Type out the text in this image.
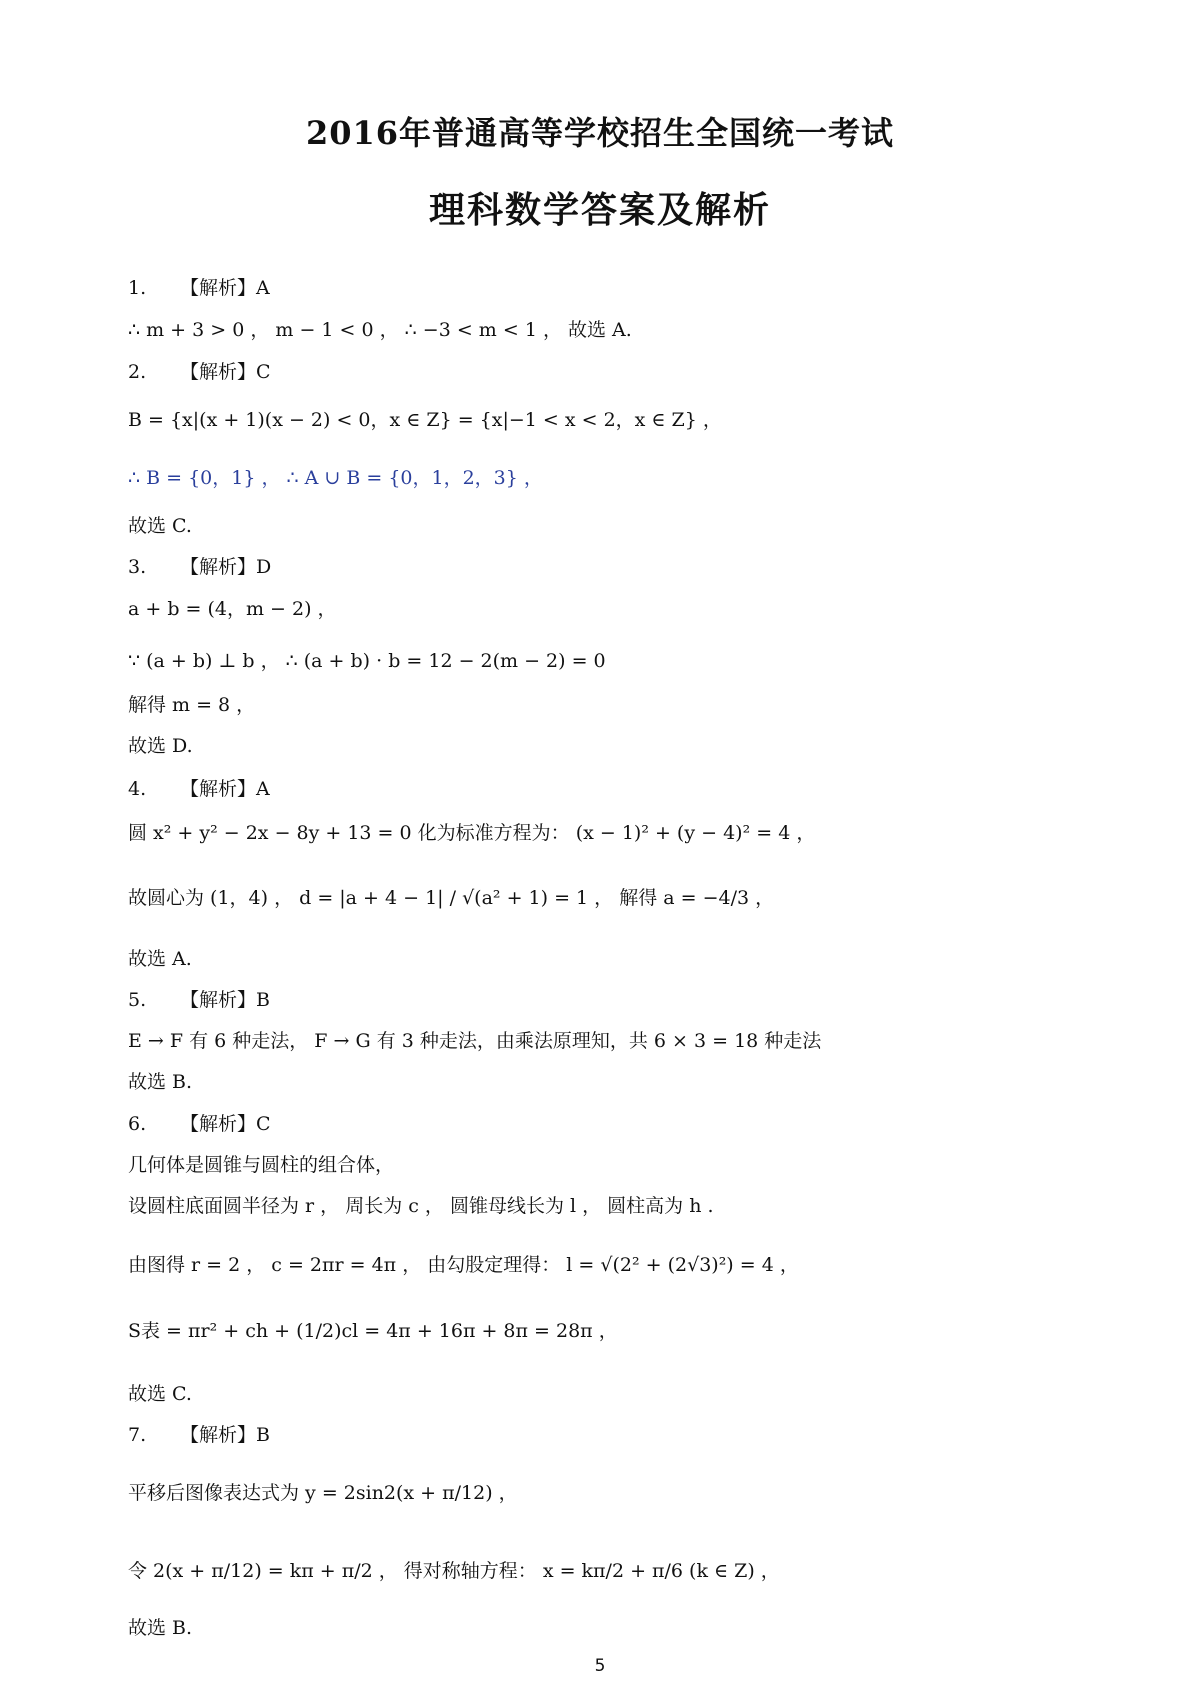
2016年普通高等学校招生全国统一考试
理科数学答案及解析
1. 【解析】A
∴ m + 3 > 0 ， m − 1 < 0 ， ∴ −3 < m < 1 ， 故选 A.
2. 【解析】C
B = {x|(x + 1)(x − 2) < 0，x ∈ Z} = {x|−1 < x < 2，x ∈ Z} ，
∴ B = {0，1} ， ∴ A ∪ B = {0，1，2，3} ，
故选 C.
3. 【解析】D
a + b = (4，m − 2) ，
∵ (a + b) ⊥ b ， ∴ (a + b) · b = 12 − 2(m − 2) = 0
解得 m = 8 ，
故选 D.
4. 【解析】A
圆 x² + y² − 2x − 8y + 13 = 0 化为标准方程为： (x − 1)² + (y − 4)² = 4 ，
故圆心为 (1，4) ， d = |a + 4 − 1| / √(a² + 1) = 1 ， 解得 a = −4/3 ，
故选 A.
5. 【解析】B
E → F 有 6 种走法， F → G 有 3 种走法，由乘法原理知，共 6 × 3 = 18 种走法
故选 B.
6. 【解析】C
几何体是圆锥与圆柱的组合体，
设圆柱底面圆半径为 r ， 周长为 c ， 圆锥母线长为 l ， 圆柱高为 h .
由图得 r = 2 ， c = 2πr = 4π ， 由勾股定理得： l = √(2² + (2√3)²) = 4 ，
S表 = πr² + ch + (1/2)cl = 4π + 16π + 8π = 28π ，
故选 C.
7. 【解析】B
平移后图像表达式为 y = 2sin2(x + π/12) ，
令 2(x + π/12) = kπ + π/2 ， 得对称轴方程： x = kπ/2 + π/6 (k ∈ Z) ，
故选 B.
5
